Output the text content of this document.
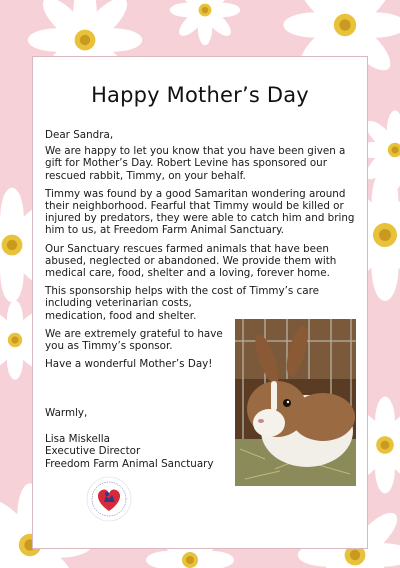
Happy Mother’s Day

Dear Sandra,

We are happy to let you know that you have been given a gift for Mother’s Day. Robert Levine has sponsored our rescued rabbit, Timmy, on your behalf.

Timmy was found by a good Samaritan wondering around their neighborhood. Fearful that Timmy would be killed or injured by predators, they were able to catch him and bring him to us, at Freedom Farm Animal Sanctuary.

Our Sanctuary rescues farmed animals that have been abused, neglected or abandoned. We provide them with medical care, food, shelter and a loving, forever home.

This sponsorship helps with the cost of Timmy’s care

including veterinarian costs, medication, food and shelter.

We are extremely grateful to have you as Timmy’s sponsor.

Have a wonderful Mother’s Day!

Warmly,
Lisa Miskella
Executive Director
Freedom Farm Animal Sanctuary
